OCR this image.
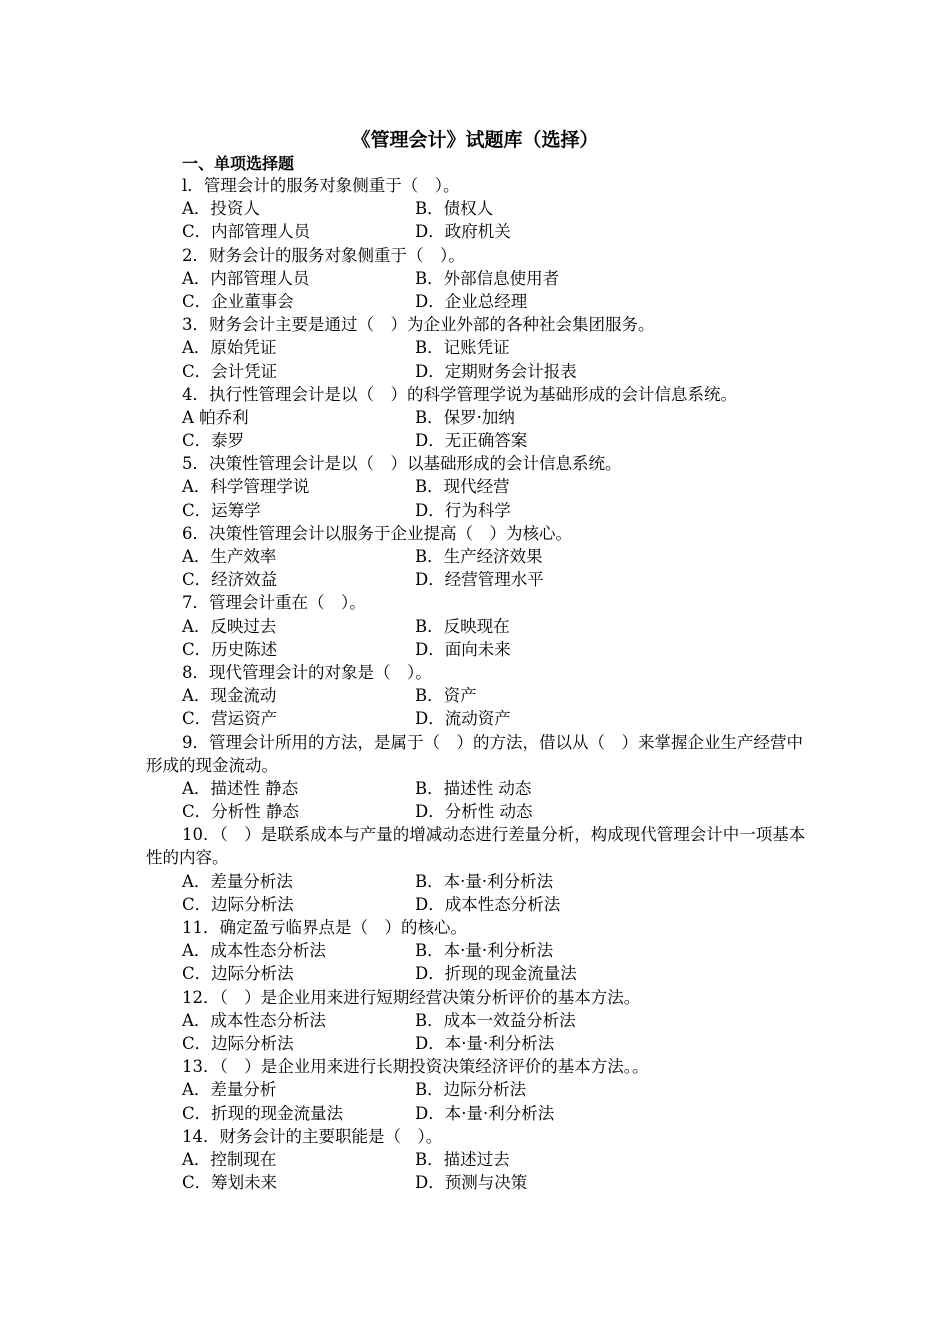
《管理会计》试题库（选择）
一、单项选择题
l．管理会计的服务对象侧重于（　）。
A．投资人	B．债权人
C．内部管理人员	D．政府机关
2．财务会计的服务对象侧重于（　）。
A．内部管理人员	B．外部信息使用者
C．企业董事会	D．企业总经理
3．财务会计主要是通过（　）为企业外部的各种社会集团服务。
A．原始凭证	B．记账凭证
C．会计凭证	D．定期财务会计报表
4．执行性管理会计是以（　）的科学管理学说为基础形成的会计信息系统。
A 帕乔利	B．保罗·加纳
C．泰罗	D．无正确答案
5．决策性管理会计是以（　）以基础形成的会计信息系统。
A．科学管理学说	B．现代经营
C．运筹学	D．行为科学
6．决策性管理会计以服务于企业提高（　）为核心。
A．生产效率	B．生产经济效果
C．经济效益	D．经营管理水平
7．管理会计重在（　）。
A．反映过去	B．反映现在
C．历史陈述	D．面向未来
8．现代管理会计的对象是（　）。
A．现金流动	B．资产
C．营运资产	D．流动资产
9．管理会计所用的方法，是属于（　）的方法，借以从（　）来掌握企业生产经营中形成的现金流动。
A．描述性 静态	B．描述性 动态
C．分析性 静态	D．分析性 动态
10．（　）是联系成本与产量的增减动态进行差量分析，构成现代管理会计中一项基本性的内容。
A．差量分析法	B．本·量·利分析法
C．边际分析法	D．成本性态分析法
11．确定盈亏临界点是（　）的核心。
A．成本性态分析法	B．本·量·利分析法
C．边际分析法	D．折现的现金流量法
12．（　）是企业用来进行短期经营决策分析评价的基本方法。
A．成本性态分析法	B．成本一效益分析法
C．边际分析法	D．本·量·利分析法
13．（　）是企业用来进行长期投资决策经济评价的基本方法。。
A．差量分析	B．边际分析法
C．折现的现金流量法	D．本·量·利分析法
14．财务会计的主要职能是（　）。
A．控制现在	B．描述过去
C．筹划未来	D．预测与决策
